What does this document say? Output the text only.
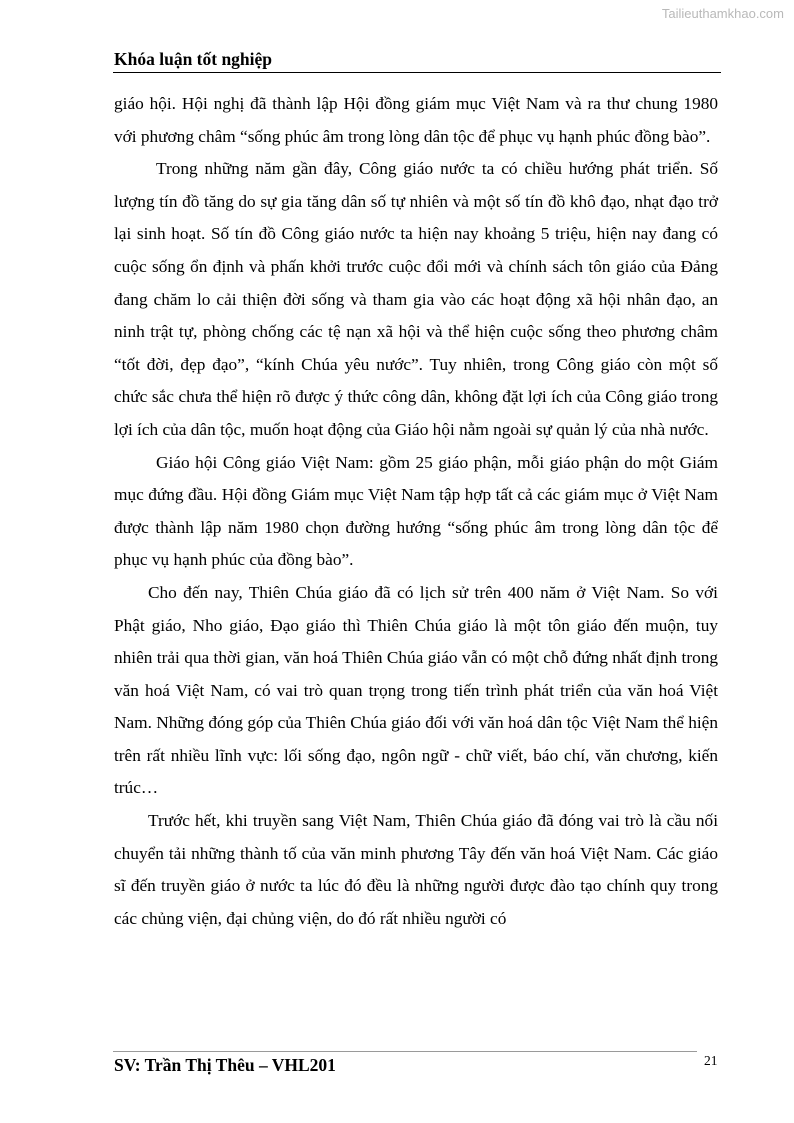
Tailieuthamkhao.com
Khóa luận tốt nghiệp

giáo hội. Hội nghị đã thành lập Hội đồng giám mục Việt Nam và ra thư chung 1980 với phương châm “sống phúc âm trong lòng dân tộc để phục vụ hạnh phúc đồng bào”.

Trong những năm gần đây, Công giáo nước ta có chiều hướng phát triển. Số lượng tín đồ tăng do sự gia tăng dân số tự nhiên và một số tín đồ khô đạo, nhạt đạo trở lại sinh hoạt. Số tín đồ Công giáo nước ta hiện nay khoảng 5 triệu, hiện nay đang có cuộc sống ổn định và phấn khởi trước cuộc đổi mới và chính sách tôn giáo của Đảng đang chăm lo cải thiện đời sống và tham gia vào các hoạt động xã hội nhân đạo, an ninh trật tự, phòng chống các tệ nạn xã hội và thể hiện cuộc sống theo phương châm “tốt đời, đẹp đạo”, “kính Chúa yêu nước”. Tuy nhiên, trong Công giáo còn một số chức sắc chưa thể hiện rõ được ý thức công dân, không đặt lợi ích của Công giáo trong lợi ích của dân tộc, muốn hoạt động của Giáo hội nằm ngoài sự quản lý của nhà nước.

Giáo hội Công giáo Việt Nam: gồm 25 giáo phận, mỗi giáo phận do một Giám mục đứng đầu. Hội đồng Giám mục Việt Nam tập hợp tất cả các giám mục ở Việt Nam được thành lập năm 1980 chọn đường hướng “sống phúc âm trong lòng dân tộc để phục vụ hạnh phúc của đồng bào”.

Cho đến nay, Thiên Chúa giáo đã có lịch sử trên 400 năm ở Việt Nam. So với Phật giáo, Nho giáo, Đạo giáo thì Thiên Chúa giáo là một tôn giáo đến muộn, tuy nhiên trải qua thời gian, văn hoá Thiên Chúa giáo vẫn có một chỗ đứng nhất định trong văn hoá Việt Nam, có vai trò quan trọng trong tiến trình phát triển của văn hoá Việt Nam. Những đóng góp của Thiên Chúa giáo đối với văn hoá dân tộc Việt Nam thể hiện trên rất nhiều lĩnh vực: lối sống đạo, ngôn ngữ - chữ viết, báo chí, văn chương, kiến trúc…

Trước hết, khi truyền sang Việt Nam, Thiên Chúa giáo đã đóng vai trò là cầu nối chuyển tải những thành tố của văn minh phương Tây đến văn hoá Việt Nam. Các giáo sĩ đến truyền giáo ở nước ta lúc đó đều là những người được đào tạo chính quy trong các chủng viện, đại chủng viện, do đó rất nhiều người có

SV: Trần Thị Thêu – VHL201	21
